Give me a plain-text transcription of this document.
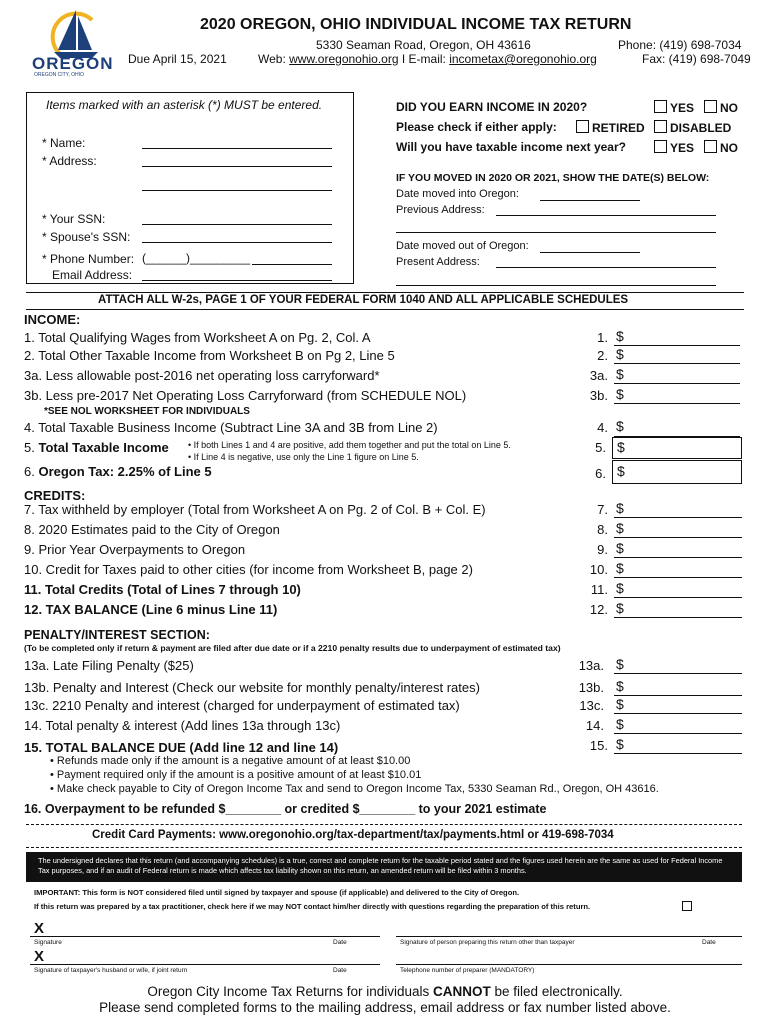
OREGON
OREGON CITY, OHIO
2020 OREGON, OHIO INDIVIDUAL INCOME TAX RETURN
Due April 15, 2021
5330 Seaman Road, Oregon, OH 43616
Web: www.oregonohio.org I E-mail: incometax@oregonohio.org
Phone: (419) 698-7034
Fax: (419) 698-7049
Items marked with an asterisk (*) MUST be entered.
* Name:
* Address:
* Your SSN:
* Spouse's SSN:
* Phone Number: (______)_________
Email Address:
DID YOU EARN INCOME IN 2020?	YES	NO
Please check if either apply:	RETIRED	DISABLED
Will you have taxable income next year?	YES	NO
IF YOU MOVED IN 2020 OR 2021, SHOW THE DATE(S) BELOW:
Date moved into Oregon:
Previous Address:
Date moved out of Oregon:
Present Address:
ATTACH ALL W-2s, PAGE 1 OF YOUR FEDERAL FORM 1040 AND ALL APPLICABLE SCHEDULES
INCOME:
1. Total Qualifying Wages from Worksheet A on Pg. 2, Col. A	1. $
2. Total Other Taxable Income from Worksheet B on Pg 2, Line 5	2. $
3a. Less allowable post-2016 net operating loss carryforward*	3a. $
3b. Less pre-2017 Net Operating Loss Carryforward (from SCHEDULE NOL)	3b. $
*SEE NOL WORKSHEET FOR INDIVIDUALS
4. Total Taxable Business Income (Subtract Line 3A and 3B from Line 2)	4. $
5. Total Taxable Income • If both Lines 1 and 4 are positive, add them together and put the total on Line 5.
• If Line 4 is negative, use only the Line 1 figure on Line 5.
5. $
6. Oregon Tax: 2.25% of Line 5	6. $
CREDITS:
7. Tax withheld by employer (Total from Worksheet A on Pg. 2 of Col. B + Col. E)	7. $
8. 2020 Estimates paid to the City of Oregon	8. $
9. Prior Year Overpayments to Oregon	9. $
10. Credit for Taxes paid to other cities (for income from Worksheet B, page 2)	10. $
11. Total Credits (Total of Lines 7 through 10)	11. $
12. TAX BALANCE (Line 6 minus Line 11)	12. $
PENALTY/INTEREST SECTION:
(To be completed only if return & payment are filed after due date or if a 2210 penalty results due to underpayment of estimated tax)
13a. Late Filing Penalty ($25)	13a. $
13b. Penalty and Interest (Check our website for monthly penalty/interest rates)	13b. $
13c. 2210 Penalty and interest (charged for underpayment of estimated tax)	13c. $
14. Total penalty & interest (Add lines 13a through 13c)	14. $
15. TOTAL BALANCE DUE (Add line 12 and line 14)	15. $
• Refunds made only if the amount is a negative amount of at least $10.00
• Payment required only if the amount is a positive amount of at least $10.01
• Make check payable to City of Oregon Income Tax and send to Oregon Income Tax, 5330 Seaman Rd., Oregon, OH 43616.
16. Overpayment to be refunded $________ or credited $________ to your 2021 estimate
Credit Card Payments: www.oregonohio.org/tax-department/tax/payments.html or 419-698-7034
The undersigned declares that this return (and accompanying schedules) is a true, correct and complete return for the taxable period stated and the figures used herein are the same as used for Federal Income Tax purposes, and if an audit of Federal return is made which affects tax liability shown on this return, an amended return will be filed within 3 months.
IMPORTANT: This form is NOT considered filed until signed by taxpayer and spouse (if applicable) and delivered to the City of Oregon.
If this return was prepared by a tax practitioner, check here if we may NOT contact him/her directly with questions regarding the preparation of this return.
X
Signature	Date	Signature of person preparing this return other than taxpayer	Date
X
Signature of taxpayer's husband or wife, if joint return	Date	Telephone number of preparer (MANDATORY)
Oregon City Income Tax Returns for individuals CANNOT be filed electronically.
Please send completed forms to the mailing address, email address or fax number listed above.
